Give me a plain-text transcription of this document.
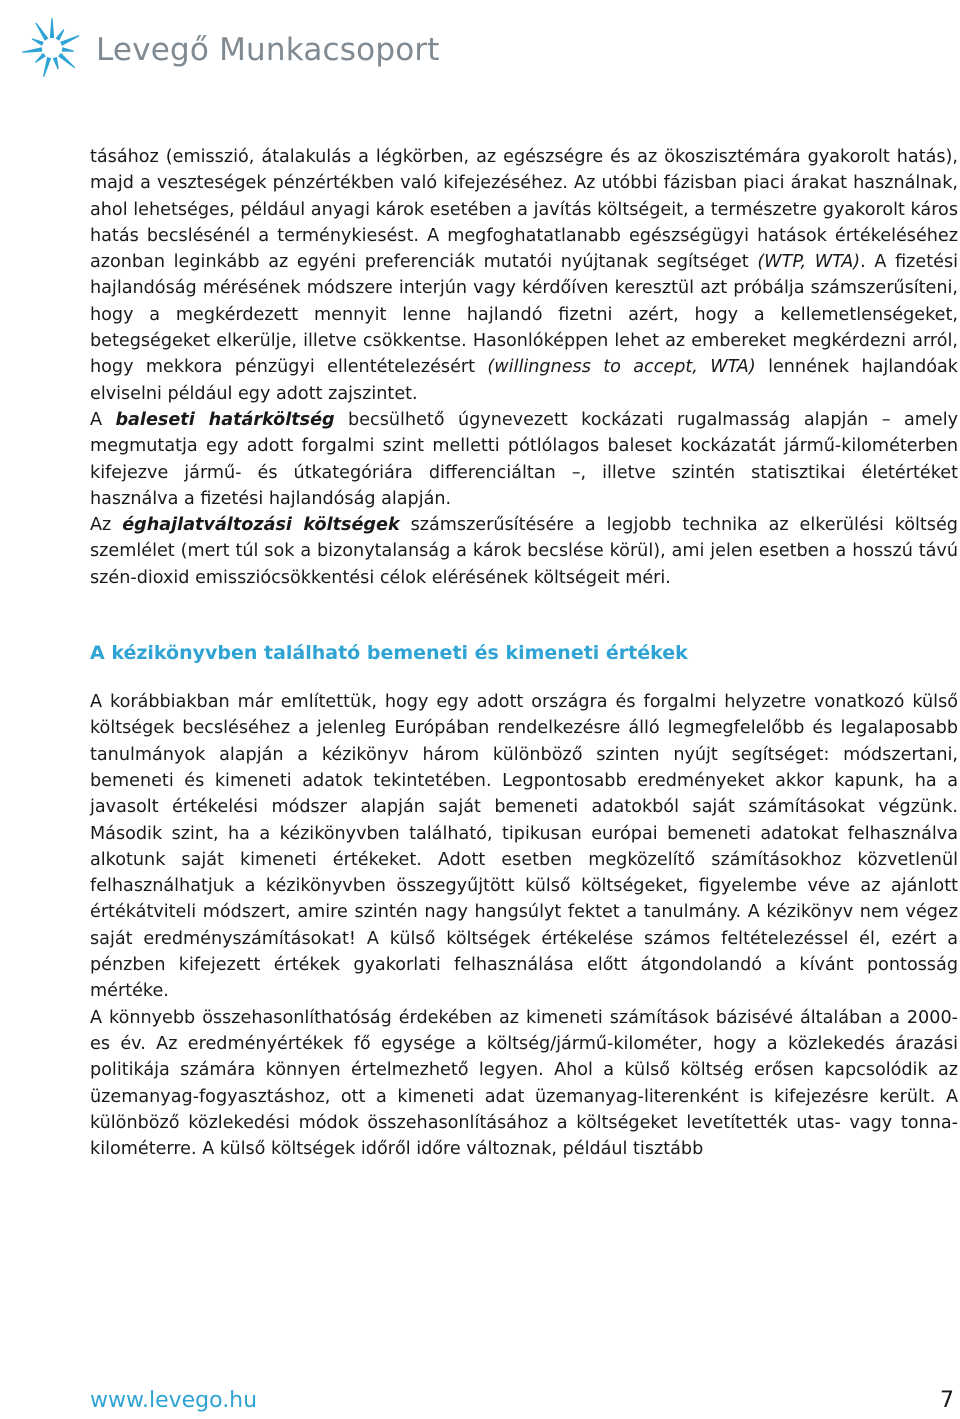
Levegő Munkacsoport

tásához (emisszió, átalakulás a légkörben, az egészségre és az ökoszisztémára gyakorolt hatás), majd a veszteségek pénzértékben való kifejezéséhez. Az utóbbi fázisban piaci árakat használnak, ahol lehetséges, például anyagi károk esetében a javítás költségeit, a természetre gyakorolt káros hatás becslésénél a terménykiesést. A megfoghatatlanabb egészségügyi hatások értékeléséhez azonban leginkább az egyéni preferenciák mutatói nyújtanak segítséget (WTP, WTA). A fizetési hajlandóság mérésének módszere interjún vagy kérdőíven keresztül azt próbálja számszerűsíteni, hogy a megkérdezett mennyit lenne hajlandó fizetni azért, hogy a kellemetlenségeket, betegségeket elkerülje, illetve csökkentse. Hasonlóképpen lehet az embereket megkérdezni arról, hogy mekkora pénzügyi ellentételezésért (willingness to accept, WTA) lennének hajlandóak elviselni például egy adott zajszintet.

A baleseti határköltség becsülhető úgynevezett kockázati rugalmasság alapján – amely megmutatja egy adott forgalmi szint melletti pótlólagos baleset kockázatát jármű-kilométerben kifejezve jármű- és útkategóriára differenciáltan –, illetve szintén statisztikai életértéket használva a fizetési hajlandóság alapján.

Az éghajlatváltozási költségek számszerűsítésére a legjobb technika az elkerülési költség szemlélet (mert túl sok a bizonytalanság a károk becslése körül), ami jelen esetben a hosszú távú szén-dioxid emissziócsökkentési célok elérésének költségeit méri.

A kézikönyvben található bemeneti és kimeneti értékek

A korábbiakban már említettük, hogy egy adott országra és forgalmi helyzetre vonatkozó külső költségek becsléséhez a jelenleg Európában rendelkezésre álló legmegfelelőbb és legalaposabb tanulmányok alapján a kézikönyv három különböző szinten nyújt segítséget: módszertani, bemeneti és kimeneti adatok tekintetében. Legpontosabb eredményeket akkor kapunk, ha a javasolt értékelési módszer alapján saját bemeneti adatokból saját számításokat végzünk. Második szint, ha a kézikönyvben található, tipikusan európai bemeneti adatokat felhasználva alkotunk saját kimeneti értékeket. Adott esetben megközelítő számításokhoz közvetlenül felhasználhatjuk a kézikönyvben összegyűjtött külső költségeket, figyelembe véve az ajánlott értékátviteli módszert, amire szintén nagy hangsúlyt fektet a tanulmány. A kézikönyv nem végez saját eredményszámításokat! A külső költségek értékelése számos feltételezéssel él, ezért a pénzben kifejezett értékek gyakorlati felhasználása előtt átgondolandó a kívánt pontosság mértéke.

A könnyebb összehasonlíthatóság érdekében az kimeneti számítások bázisévé általában a 2000-es év. Az eredményértékek fő egysége a költség/jármű-kilométer, hogy a közlekedés árazási politikája számára könnyen értelmezhető legyen. Ahol a külső költség erősen kapcsolódik az üzemanyag-fogyasztáshoz, ott a kimeneti adat üzemanyag-literenként is kifejezésre került. A különböző közlekedési módok összehasonlításához a költségeket levetítették utas- vagy tonna-kilométerre. A külső költségek időről időre változnak, például tisztább

www.levego.hu	7
